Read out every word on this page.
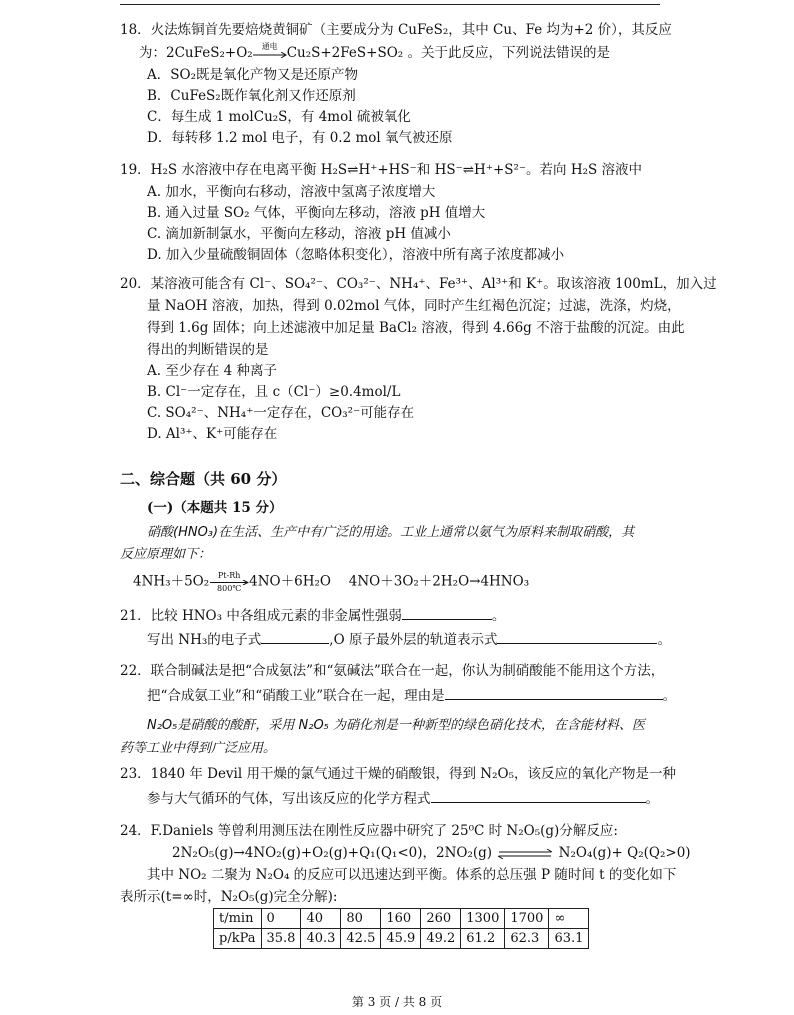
18．火法炼铜首先要焙烧黄铜矿（主要成分为 CuFeS₂，其中 Cu、Fe 均为+2 价），其反应
为：2CuFeS₂+O₂	通电 Cu₂S+2FeS+SO₂ 。关于此反应，下列说法错误的是
A．SO₂既是氧化产物又是还原产物
B．CuFeS₂既作氧化剂又作还原剂
C．每生成 1 molCu₂S，有 4mol 硫被氧化
D．每转移 1.2 mol 电子，有 0.2 mol 氧气被还原
19．H₂S 水溶液中存在电离平衡 H₂S⇌H⁺+HS⁻和 HS⁻⇌H⁺+S²⁻。若向 H₂S 溶液中
A. 加水，平衡向右移动，溶液中氢离子浓度增大
B. 通入过量 SO₂ 气体，平衡向左移动，溶液 pH 值增大
C. 滴加新制氯水，平衡向左移动，溶液 pH 值减小
D. 加入少量硫酸铜固体（忽略体积变化），溶液中所有离子浓度都减小
20．某溶液可能含有 Cl⁻、SO₄²⁻、CO₃²⁻、NH₄⁺、Fe³⁺、Al³⁺和 K⁺。取该溶液 100mL，加入过
量 NaOH 溶液，加热，得到 0.02mol 气体，同时产生红褐色沉淀；过滤，洗涤，灼烧，
得到 1.6g 固体；向上述滤液中加足量 BaCl₂ 溶液，得到 4.66g 不溶于盐酸的沉淀。由此
得出的判断错误的是
A. 至少存在 4 种离子
B. Cl⁻一定存在，且 c（Cl⁻）≥0.4mol/L
C. SO₄²⁻、NH₄⁺一定存在，CO₃²⁻可能存在
D. Al³⁺、K⁺可能存在
二、综合题（共 60 分）
(一)（本题共 15 分）
硝酸(HNO₃)在生活、生产中有广泛的用途。工业上通常以氨气为原料来制取硝酸，其
反应原理如下：
4NH₃＋5O₂	Pt-Rh
800℃ 4NO＋6H₂O　 4NO＋3O₂＋2H₂O→4HNO₃
21．比较 HNO₃ 中各组成元素的非金属性强弱	。
写出 NH₃的电子式	,O 原子最外层的轨道表示式	。
22．联合制碱法是把“合成氨法”和“氨碱法”联合在一起，你认为制硝酸能不能用这个方法，
把“合成氨工业”和“硝酸工业”联合在一起，理由是	。
N₂O₅是硝酸的酸酐，采用 N₂O₅ 为硝化剂是一种新型的绿色硝化技术，在含能材料、医
药等工业中得到广泛应用。
23．1840 年 Devil 用干燥的氯气通过干燥的硝酸银，得到 N₂O₅，该反应的氧化产物是一种
参与大气循环的气体，写出该反应的化学方程式	。
24．F.Daniels 等曾利用测压法在刚性反应器中研究了 25⁰C 时 N₂O₅(g)分解反应:
2N₂O₅(g)→4NO₂(g)+O₂(g)+Q₁(Q₁<0)，2NO₂(g)	N₂O₄(g)+ Q₂(Q₂>0)
其中 NO₂ 二聚为 N₂O₄ 的反应可以迅速达到平衡。体系的总压强 P 随时间 t 的变化如下
表所示(t=∞时，N₂O₅(g)完全分解):
t/min	0	40	80	160	260	1300	1700	∞
p/kPa	35.8	40.3	42.5	45.9	49.2	61.2	62.3	63.1
第 3 页 / 共 8 页
